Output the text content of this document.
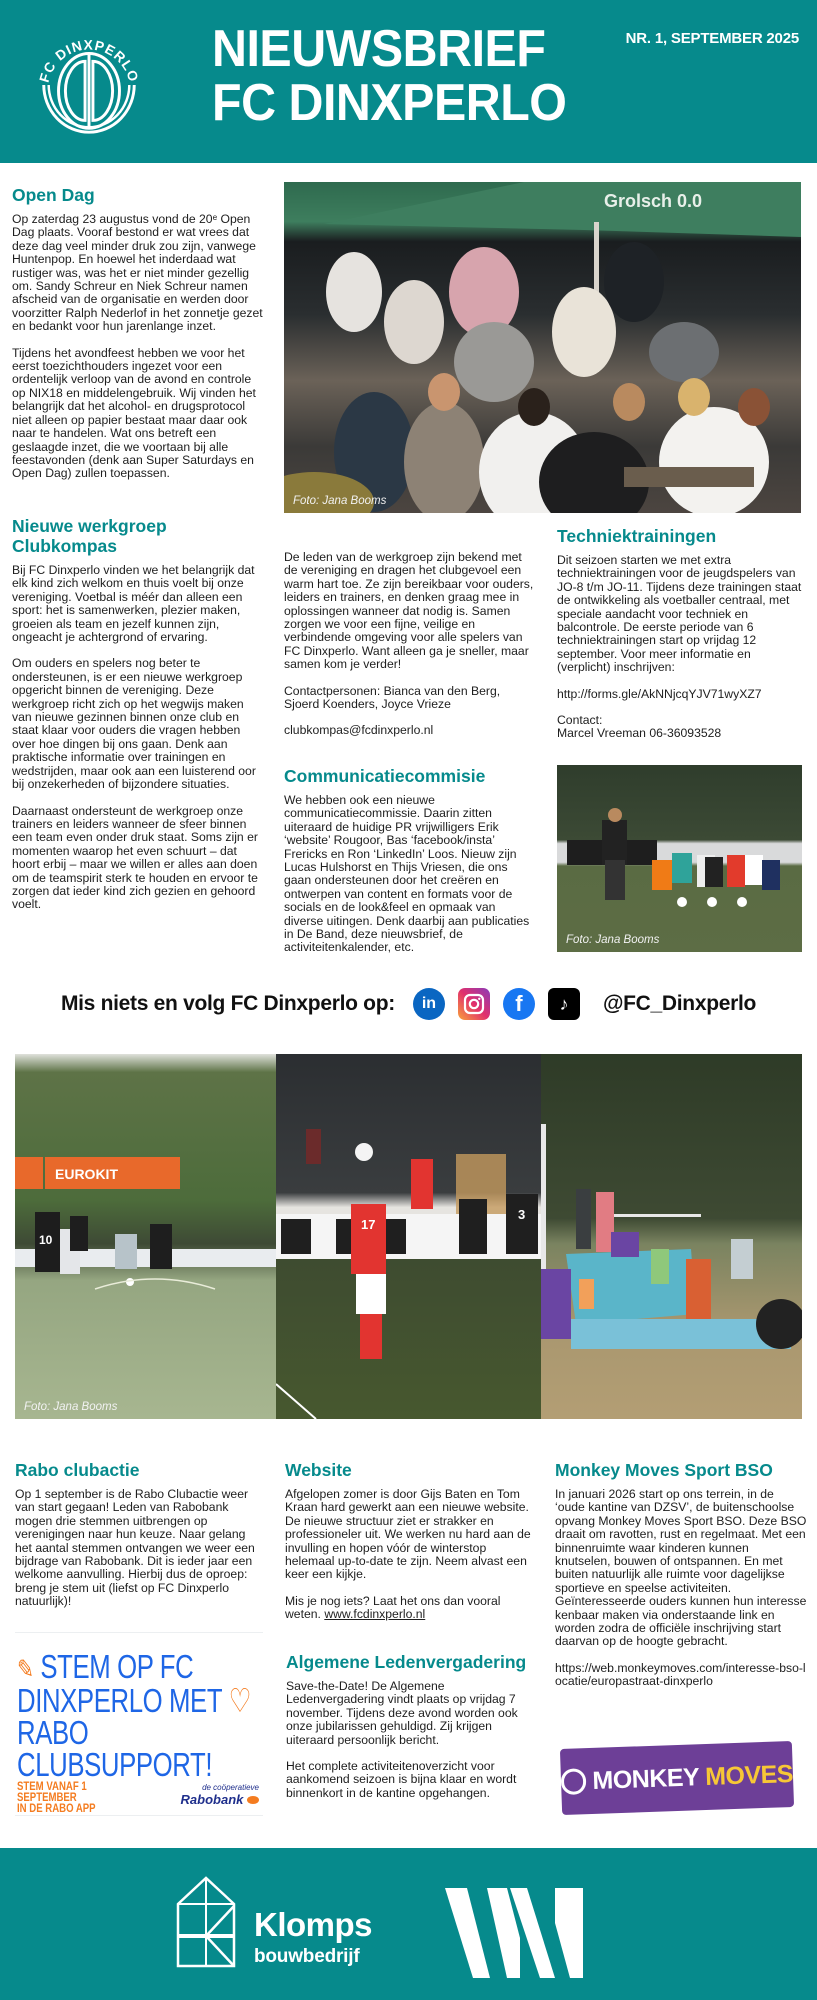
FC DINXPERLO NIEUWSBRIEF
FC DINXPERLO
NR. 1, SEPTEMBER 2025
Open Dag

Op zaterdag 23 augustus vond de 20ᵉ Open Dag plaats. Vooraf bestond er wat vrees dat deze dag veel minder druk zou zijn, vanwege Huntenpop. En hoewel het inderdaad wat rustiger was, was het er niet minder gezellig om. Sandy Schreur en Niek Schreur namen afscheid van de organisatie en werden door voorzitter Ralph Nederlof in het zonnetje gezet en bedankt voor hun jarenlange inzet.

Tijdens het avondfeest hebben we voor het eerst toezichthouders ingezet voor een ordentelijk verloop van de avond en controle op NIX18 en middelengebruik. Wij vinden het belangrijk dat het alcohol- en drugsprotocol niet alleen op papier bestaat maar daar ook naar te handelen. Wat ons betreft een geslaagde inzet, die we voortaan bij alle feestavonden (denk aan Super Saturdays en Open Dag) zullen toepassen.

Grolsch 0.0
Foto: Jana Booms
Nieuwe werkgroep Clubkompas

Bij FC Dinxperlo vinden we het belangrijk dat elk kind zich welkom en thuis voelt bij onze vereniging. Voetbal is méér dan alleen een sport: het is samenwerken, plezier maken, groeien als team en jezelf kunnen zijn, ongeacht je achtergrond of ervaring.

Om ouders en spelers nog beter te ondersteunen, is er een nieuwe werkgroep opgericht binnen de vereniging. Deze werkgroep richt zich op het wegwijs maken van nieuwe gezinnen binnen onze club en staat klaar voor ouders die vragen hebben over hoe dingen bij ons gaan. Denk aan praktische informatie over trainingen en wedstrijden, maar ook aan een luisterend oor bij onzekerheden of bijzondere situaties.

Daarnaast ondersteunt de werkgroep onze trainers en leiders wanneer de sfeer binnen een team even onder druk staat. Soms zijn er momenten waarop het even schuurt – dat hoort erbij – maar we willen er alles aan doen om de teamspirit sterk te houden en ervoor te zorgen dat ieder kind zich gezien en gehoord voelt.

De leden van de werkgroep zijn bekend met de vereniging en dragen het clubgevoel een warm hart toe. Ze zijn bereikbaar voor ouders, leiders en trainers, en denken graag mee in oplossingen wanneer dat nodig is. Samen zorgen we voor een fijne, veilige en verbindende omgeving voor alle spelers van FC Dinxperlo. Want alleen ga je sneller, maar samen kom je verder!

Contactpersonen: Bianca van den Berg, Sjoerd Koenders, Joyce Vrieze

clubkompas@fcdinxperlo.nl

Communicatiecommisie

We hebben ook een nieuwe communicatiecommissie. Daarin zitten uiteraard de huidige PR vrijwilligers Erik ‘website’ Rougoor, Bas ‘facebook/insta’ Frericks en Ron ‘LinkedIn’ Loos. Nieuw zijn Lucas Hulshorst en Thijs Vriesen, die ons gaan ondersteunen door het creëren en ontwerpen van content en formats voor de socials en de look&feel en opmaak van diverse uitingen. Denk daarbij aan publicaties in De Band, deze nieuwsbrief, de activiteitenkalender, etc.

Techniektrainingen

Dit seizoen starten we met extra techniektrainingen voor de jeugdspelers van JO-8 t/m JO-11. Tijdens deze trainingen staat de ontwikkeling als voetballer centraal, met speciale aandacht voor techniek en balcontrole. De eerste periode van 6 techniektrainingen start op vrijdag 12 september. Voor meer informatie en (verplicht) inschrijven:

http://forms.gle/AkNNjcqYJV71wyXZ7

Contact:
Marcel Vreeman 06-36093528

Foto: Jana Booms
Mis niets en volg FC Dinxperlo op:	in	f	♪	@FC_Dinxperlo
EUROKIT
10
Foto: Jana Booms
17
3
Rabo clubactie

Op 1 september is de Rabo Clubactie weer van start gegaan! Leden van Rabobank mogen drie stemmen uitbrengen op verenigingen naar hun keuze. Naar gelang het aantal stemmen ontvangen we weer een bijdrage van Rabobank. Dit is ieder jaar een welkome aanvulling. Hierbij dus de oproep: breng je stem uit (liefst op FC Dinxperlo natuurlijk)!

✎ STEM OP FC
DINXPERLO MET ♡
RABO CLUBSUPPORT!
STEM VANAF 1 SEPTEMBER
IN DE RABO APP
de coöperatieve
Rabobank
Website

Afgelopen zomer is door Gijs Baten en Tom Kraan hard gewerkt aan een nieuwe website. De nieuwe structuur ziet er strakker en professioneler uit. We werken nu hard aan de invulling en hopen vóór de winterstop helemaal up-to-date te zijn. Neem alvast een keer een kijkje.

Mis je nog iets? Laat het ons dan vooral weten. www.fcdinxperlo.nl

Algemene Ledenvergadering

Save-the-Date! De Algemene Ledenvergadering vindt plaats op vrijdag 7 november. Tijdens deze avond worden ook onze jubilarissen gehuldigd. Zij krijgen uiteraard persoonlijk bericht.

Het complete activiteitenoverzicht voor aankomend seizoen is bijna klaar en wordt binnenkort in de kantine opgehangen.

Monkey Moves Sport BSO

In januari 2026 start op ons terrein, in de ‘oude kantine van DZSV’, de buitenschoolse opvang Monkey Moves Sport BSO. Deze BSO draait om ravotten, rust en regelmaat. Met een binnenruimte waar kinderen kunnen knutselen, bouwen of ontspannen. En met buiten natuurlijk alle ruimte voor dagelijkse sportieve en speelse activiteiten. Geïnteresseerde ouders kunnen hun interesse kenbaar maken via onderstaande link en worden zodra de officiële inschrijving start daarvan op de hoogte gebracht.

https://web.monkeymoves.com/interesse-bso-locatie/europastraat-dinxperlo

MONKEY MOVES
Klomps
bouwbedrijf
